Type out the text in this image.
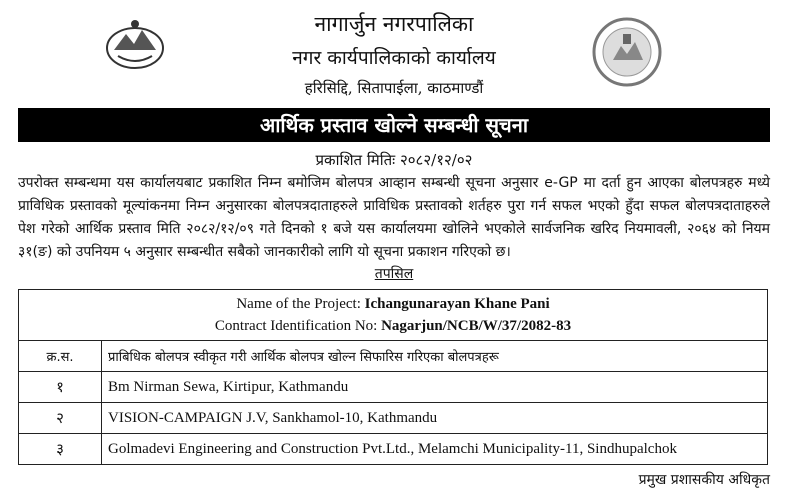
नागार्जुन नगरपालिका
नगर कार्यपालिकाको कार्यालय
हरिसिद्दि, सितापाईला, काठमाण्डौं
आर्थिक प्रस्ताव खोल्ने सम्बन्धी सूचना
प्रकाशित मितिः २०८२/१२/०२
उपरोक्त सम्बन्धमा यस कार्यालयबाट प्रकाशित निम्न बमोजिम बोलपत्र आव्हान सम्बन्धी सूचना अनुसार e-GP मा दर्ता हुन आएका बोलपत्रहरु मध्ये प्राविधिक प्रस्तावको मूल्यांकनमा निम्न अनुसारका बोलपत्रदाताहरुले प्राविधिक प्रस्तावको शर्तहरु पुरा गर्न सफल भएको हुँदा सफल बोलपत्रदाताहरुले पेश गरेको आर्थिक प्रस्ताव मिति २०८२/१२/०९ गते दिनको १ बजे यस कार्यालयमा खोलिने भएकोले सार्वजनिक खरिद नियमावली, २०६४ को नियम ३१(ङ) को उपनियम ५ अनुसार सम्बन्धीत सबैको जानकारीको लागि यो सूचना प्रकाशन गरिएको छ।
तपसिल
Name of the Project: Ichangunarayan Khane Pani
Contract Identification No: Nagarjun/NCB/W/37/2082-83	
क्र.स.	प्राबिधिक बोलपत्र स्वीकृत गरी आर्थिक बोलपत्र खोल्न सिफारिस गरिएका बोलपत्रहरू
१	Bm Nirman Sewa, Kirtipur, Kathmandu
२	VISION-CAMPAIGN J.V, Sankhamol-10, Kathmandu
३	Golmadevi Engineering and Construction Pvt.Ltd., Melamchi Municipality-11, Sindhupalchok
प्रमुख प्रशासकीय अधिकृत
